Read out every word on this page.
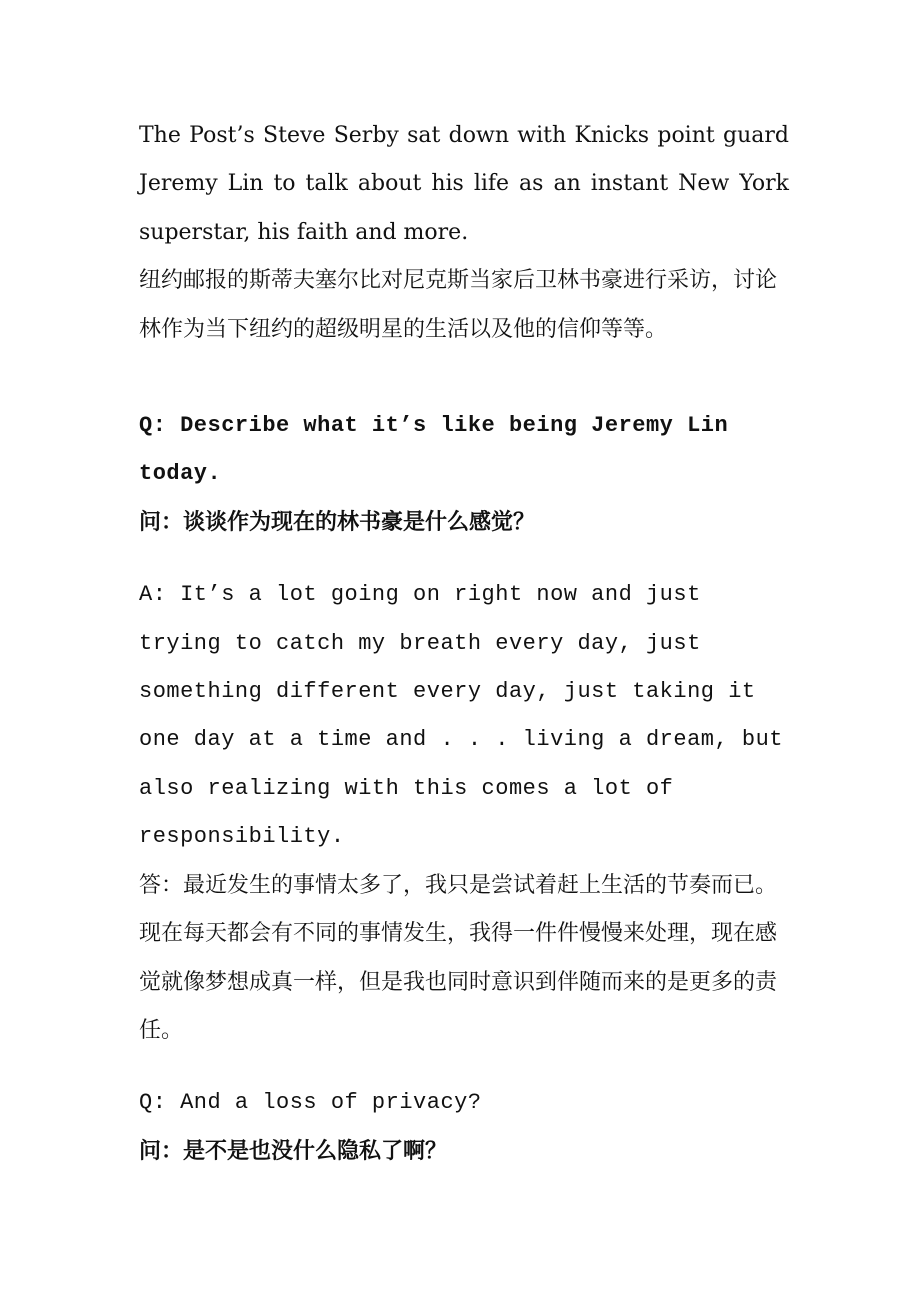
The Post’s Steve Serby sat down with Knicks point guard Jeremy Lin to talk about his life as an instant New York superstar, his faith and more.

纽约邮报的斯蒂夫塞尔比对尼克斯当家后卫林书豪进行采访，讨论林作为当下纽约的超级明星的生活以及他的信仰等等。

Q: Describe what it’s like being Jeremy Lin today.

问：谈谈作为现在的林书豪是什么感觉？

A: It’s a lot going on right now and just trying to catch my breath every day, just something different every day, just taking it one day at a time and . . . living a dream, but also realizing with this comes a lot of responsibility.

答：最近发生的事情太多了，我只是尝试着赶上生活的节奏而已。现在每天都会有不同的事情发生，我得一件件慢慢来处理，现在感觉就像梦想成真一样，但是我也同时意识到伴随而来的是更多的责任。

Q: And a loss of privacy?

问：是不是也没什么隐私了啊？
